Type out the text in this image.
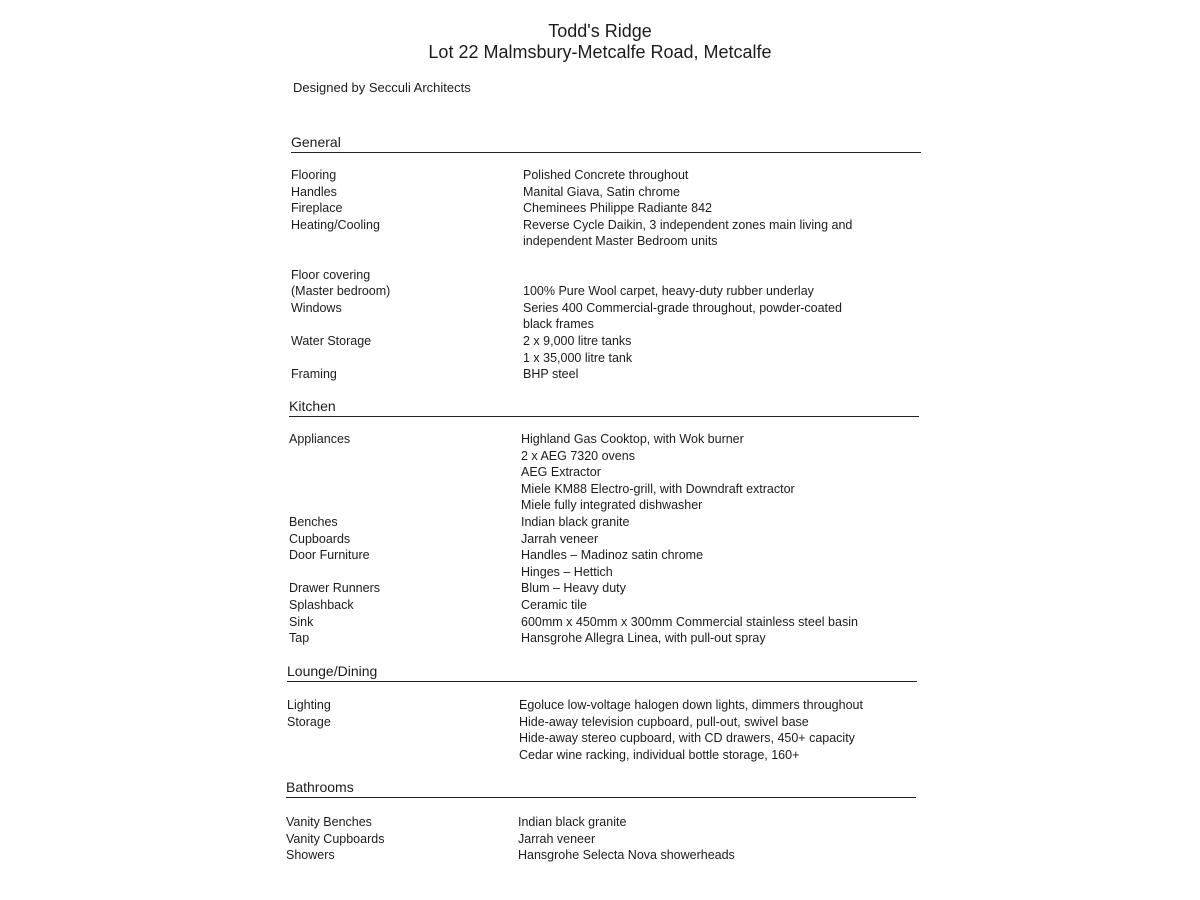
Todd's Ridge
Lot 22 Malmsbury-Metcalfe Road, Metcalfe
Designed by Secculi Architects
General
Flooring	Polished Concrete throughout
Handles	Manital Giava, Satin chrome
Fireplace	Cheminees Philippe Radiante 842
Heating/Cooling	Reverse Cycle Daikin, 3 independent zones main living and
independent Master Bedroom units
Floor covering
(Master bedroom)	100% Pure Wool carpet, heavy-duty rubber underlay
Windows	Series 400 Commercial-grade throughout, powder-coated
black frames
Water Storage	2 x 9,000 litre tanks
1 x 35,000 litre tank
Framing	BHP steel
Kitchen
Appliances	Highland Gas Cooktop, with Wok burner
2 x AEG 7320 ovens
AEG Extractor
Miele KM88 Electro-grill, with Downdraft extractor
Miele fully integrated dishwasher
Benches	Indian black granite
Cupboards	Jarrah veneer
Door Furniture	Handles – Madinoz satin chrome
Hinges – Hettich
Drawer Runners	Blum – Heavy duty
Splashback	Ceramic tile
Sink	600mm x 450mm x 300mm Commercial stainless steel basin
Tap	Hansgrohe Allegra Linea, with pull-out spray
Lounge/Dining
Lighting	Egoluce low-voltage halogen down lights, dimmers throughout
Storage	Hide-away television cupboard, pull-out, swivel base
Hide-away stereo cupboard, with CD drawers, 450+ capacity
Cedar wine racking, individual bottle storage, 160+
Bathrooms
Vanity Benches	Indian black granite
Vanity Cupboards	Jarrah veneer
Showers	Hansgrohe Selecta Nova showerheads
